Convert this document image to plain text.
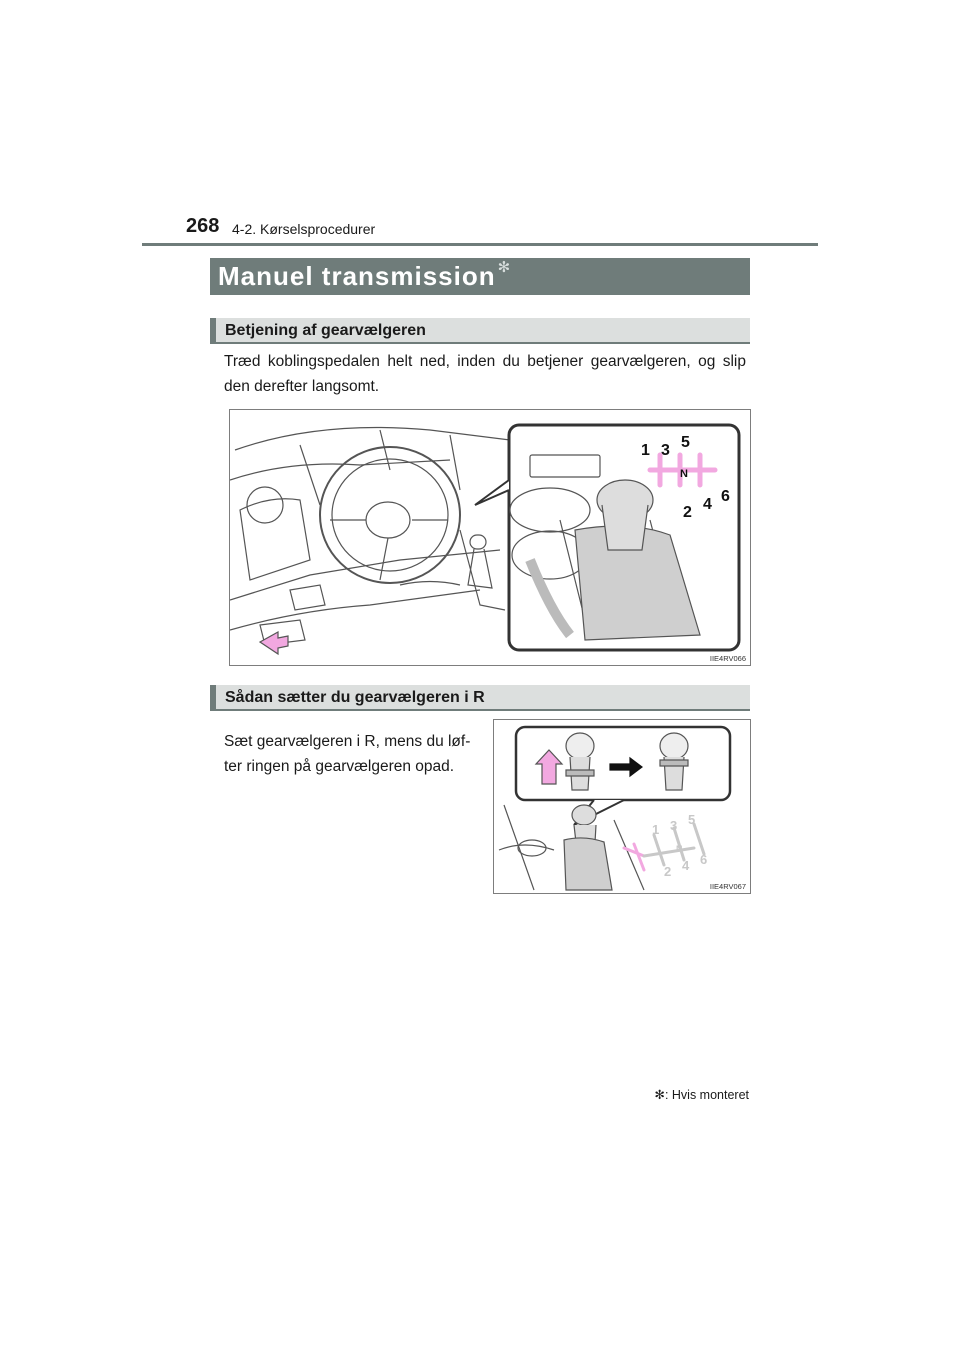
268 4-2. Kørselsprocedurer
Manuel transmission ✻
Betjening af gearvælgeren
Træd koblingspedalen helt ned, inden du betjener gearvælgeren, og slip den derefter langsomt.
1 3 5
N
2 4 6
IIE4RV066
Sådan sætter du gearvælgeren i R
Sæt gearvælgeren i R, mens du løf-ter ringen på gearvælgeren opad.
1 3 5
N
2 4 6
IIE4RV067
✻: Hvis monteret
